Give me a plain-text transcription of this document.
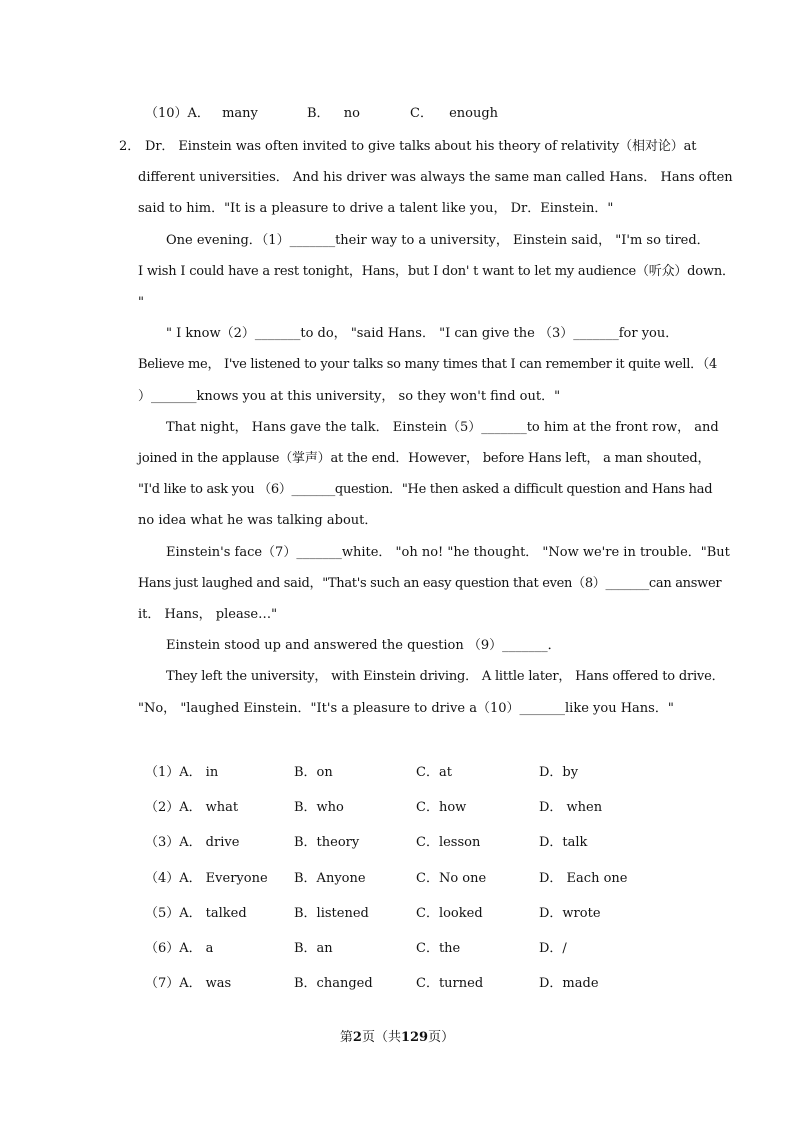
（10）A． many	B． no	C． enough
2． Dr． Einstein was often invited to give talks about his theory of relativity（相对论）at
different universities． And his driver was always the same man called Hans． Hans often
said to him．"It is a pleasure to drive a talent like you， Dr．Einstein．"
One evening．（1）_______their way to a university， Einstein said， "I'm so tired．
I wish I could have a rest tonight，Hans，but I don' t want to let my audience（听众）down．
"
" I know（2）_______to do， "said Hans． "I can give the （3）_______for you．
Believe me， I've listened to your talks so many times that I can remember it quite well．（4
）_______knows you at this university， so they won't find out．"
That night， Hans gave the talk． Einstein（5）_______to him at the front row， and
joined in the applause（掌声）at the end．However， before Hans left， a man shouted，
"I'd like to ask you （6）_______question．"He then asked a difficult question and Hans had
no idea what he was talking about．
Einstein's face（7）_______white． "oh no! "he thought． "Now we're in trouble．"But
Hans just laughed and said，"That's such an easy question that even（8）_______can answer
it． Hans， please…"
Einstein stood up and answered the question （9）_______．
They left the university， with Einstein driving． A little later， Hans offered to drive．
"No， "laughed Einstein．"It's a pleasure to drive a（10）_______like you Hans．"
（1）A． in	B．on	C．at	D．by
（2）A． what	B．who	C．how	D． when
（3）A． drive	B．theory	C．lesson	D．talk
（4）A． Everyone B．Anyone	C．No one	D． Each one
（5）A． talked	B．listened	C．looked	D．wrote
（6）A． a	B．an	C．the	D．/
（7）A． was	B．changed	C．turned	D．made
第2页（共129页）
